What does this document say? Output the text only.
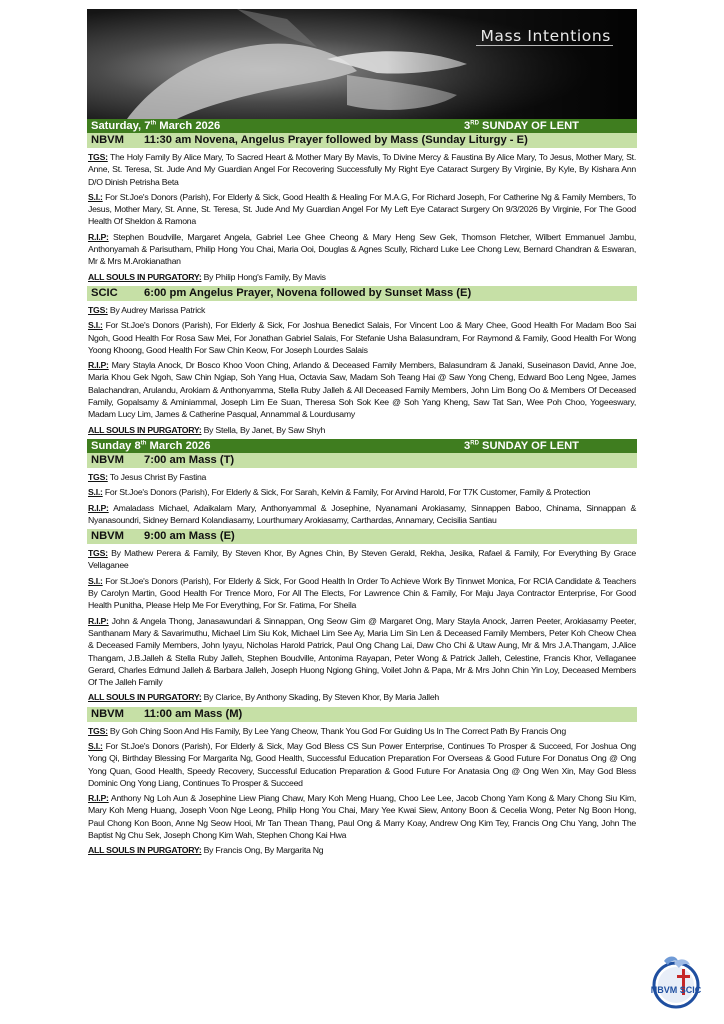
Mass Intentions
Saturday, 7th March 2026	3RD SUNDAY OF LENT
NBVM 11:30 am Novena, Angelus Prayer followed by Mass (Sunday Liturgy - E)

TGS: The Holy Family By Alice Mary, To Sacred Heart & Mother Mary By Mavis, To Divine Mercy & Faustina By Alice Mary, To Jesus, Mother Mary, St. Anne, St. Teresa, St. Jude And My Guardian Angel For Recovering Successfully My Right Eye Cataract Surgery By Virginie, By Kyle, By Kishara Ann D/O Dinish Petrisha Beta

S.I.: For St.Joe's Donors (Parish), For Elderly & Sick, Good Health & Healing For M.A.G, For Richard Joseph, For Catherine Ng & Family Members, To Jesus, Mother Mary, St. Anne, St. Teresa, St. Jude And My Guardian Angel For My Left Eye Cataract Surgery On 9/3/2026 By Virginie, For The Good Health Of Sheldon & Ramona

R.I.P: Stephen Boudville, Margaret Angela, Gabriel Lee Ghee Cheong & Mary Heng Sew Gek, Thomson Fletcher, Wilbert Emmanuel Jambu, Anthonyamah & Parisutham, Philip Hong You Chai, Maria Ooi, Douglas & Agnes Scully, Richard Luke Lee Chong Lew, Bernard Chandran & Eswaran, Mr & Mrs M.Arokianathan

ALL SOULS IN PURGATORY: By Philip Hong's Family, By Mavis

SCIC 6:00 pm Angelus Prayer, Novena followed by Sunset Mass (E)

TGS: By Audrey Marissa Patrick

S.I.: For St.Joe's Donors (Parish), For Elderly & Sick, For Joshua Benedict Salais, For Vincent Loo & Mary Chee, Good Health For Madam Boo Sai Ngoh, Good Health For Rosa Saw Mei, For Jonathan Gabriel Salais, For Stefanie Usha Balasundram, For Raymond & Family, Good Health For Wong Yoong Khoong, Good Health For Saw Chin Keow, For Joseph Lourdes Salais

R.I.P: Mary Stayla Anock, Dr Bosco Khoo Voon Ching, Arlando & Deceased Family Members, Balasundram & Janaki, Suseinason David, Anne Joe, Maria Khou Gek Ngoh, Saw Chin Ngiap, Soh Yang Hua, Octavia Saw, Madam Soh Teang Hai @ Saw Yong Cheng, Edward Boo Leng Ngee, James Balachandran, Arulandu, Arokiam & Anthonyamma, Stella Ruby Jalleh & All Deceased Family Members, John Lim Bong Oo & Members Of Deceased Family, Gopalsamy & Aminiammal, Joseph Lim Ee Suan, Theresa Soh Sok Kee @ Soh Yang Kheng, Saw Tat San, Wee Poh Choo, Yogeeswary, Madam Lucy Lim, James & Catherine Pasqual, Annammal & Lourdusamy

ALL SOULS IN PURGATORY: By Stella, By Janet, By Saw Shyh

Sunday 8th March 2026	3RD SUNDAY OF LENT
NBVM 7:00 am Mass (T)

TGS: To Jesus Christ By Fastina

S.I.: For St.Joe's Donors (Parish), For Elderly & Sick, For Sarah, Kelvin & Family, For Arvind Harold, For T7K Customer, Family & Protection

R.I.P: Amaladass Michael, Adaikalam Mary, Anthonyammal & Josephine, Nyanamani Arokiasamy, Sinnappen Baboo, Chinama, Sinnappan & Nyanasoundri, Sidney Bernard Kolandiasamy, Lourthumary Arokiasamy, Carthardas, Annamary, Cecisilia Santiau

NBVM 9:00 am Mass (E)

TGS: By Mathew Perera & Family, By Steven Khor, By Agnes Chin, By Steven Gerald, Rekha, Jesika, Rafael & Family, For Everything By Grace Vellaganee

S.I.: For St.Joe's Donors (Parish), For Elderly & Sick, For Good Health In Order To Achieve Work By Tinnwet Monica, For RCIA Candidate & Teachers By Carolyn Martin, Good Health For Trence Moro, For All The Elects, For Lawrence Chin & Family, For Maju Jaya Contractor Enterprise, For Good Health Punitha, Please Help Me For Everything, For Sr. Fatima, For Sheila

R.I.P: John & Angela Thong, Janasawundari & Sinnappan, Ong Seow Gim @ Margaret Ong, Mary Stayla Anock, Jarren Peeter, Arokiasamy Peeter, Santhanam Mary & Savarimuthu, Michael Lim Siu Kok, Michael Lim See Ay, Maria Lim Sin Len & Deceased Family Members, Peter Koh Cheow Chea & Deceased Family Members, John Iyayu, Nicholas Harold Patrick, Paul Ong Chang Lai, Daw Cho Chi & Utaw Aung, Mr & Mrs J.A.Thangam, J.Alice Thangam, J.B.Jalleh & Stella Ruby Jalleh, Stephen Boudville, Antonima Rayapan, Peter Wong & Patrick Jalleh, Celestine, Francis Khor, Vellaganee Gerard, Charles Edmund Jalleh & Barbara Jalleh, Joseph Huong Ngiong Ghing, Voilet John & Papa, Mr & Mrs John Chin Yin Loy, Deceased Members Of The Jalleh Family

ALL SOULS IN PURGATORY: By Clarice, By Anthony Skading, By Steven Khor, By Maria Jalleh

NBVM 11:00 am Mass (M)

TGS: By Goh Ching Soon And His Family, By Lee Yang Cheow, Thank You God For Guiding Us In The Correct Path By Francis Ong

S.I.: For St.Joe's Donors (Parish), For Elderly & Sick, May God Bless CS Sun Power Enterprise, Continues To Prosper & Succeed, For Joshua Ong Yong Qi, Birthday Blessing For Margarita Ng, Good Health, Successful Education Preparation For Overseas & Good Future For Donatus Ong @ Ong Yong Quan, Good Health, Speedy Recovery, Successful Education Preparation & Good Future For Anatasia Ong @ Ong Wen Xin, May God Bless Dominic Ong Yong Liang, Continues To Prosper & Succeed

R.I.P: Anthony Ng Loh Aun & Josephine Liew Piang Chaw, Mary Koh Meng Huang, Choo Lee Lee, Jacob Chong Yam Kong & Mary Chong Siu Kim, Mary Koh Meng Huang, Joseph Voon Nge Leong, Philip Hong You Chai, Mary Yee Kwai Siew, Antony Boon & Cecelia Wong, Peter Ng Boon Hong, Paul Chong Kon Boon, Anne Ng Seow Hooi, Mr Tan Thean Thang, Paul Ong & Marry Koay, Andrew Ong Kim Tey, Francis Ong Chu Yang, John The Baptist Ng Chu Sek, Joseph Chong Kim Wah, Stephen Chong Kai Hwa

ALL SOULS IN PURGATORY: By Francis Ong, By Margarita Ng

NBVM SCIC
